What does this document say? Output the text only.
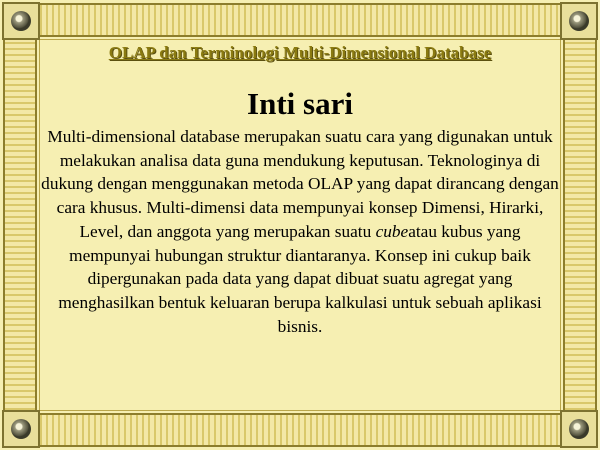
OLAP dan Terminologi Multi-Dimensional Database
Inti sari
Multi-dimensional database merupakan suatu cara yang digunakan untuk melakukan analisa data guna mendukung keputusan. Teknologinya di dukung dengan menggunakan metoda OLAP yang dapat dirancang dengan cara khusus. Multi-dimensi data mempunyai konsep Dimensi, Hirarki, Level, dan anggota yang merupakan suatu cubeatau kubus yang mempunyai hubungan struktur diantaranya. Konsep ini cukup baik dipergunakan pada data yang dapat dibuat suatu agregat yang menghasilkan bentuk keluaran berupa kalkulasi untuk sebuah aplikasi bisnis.
